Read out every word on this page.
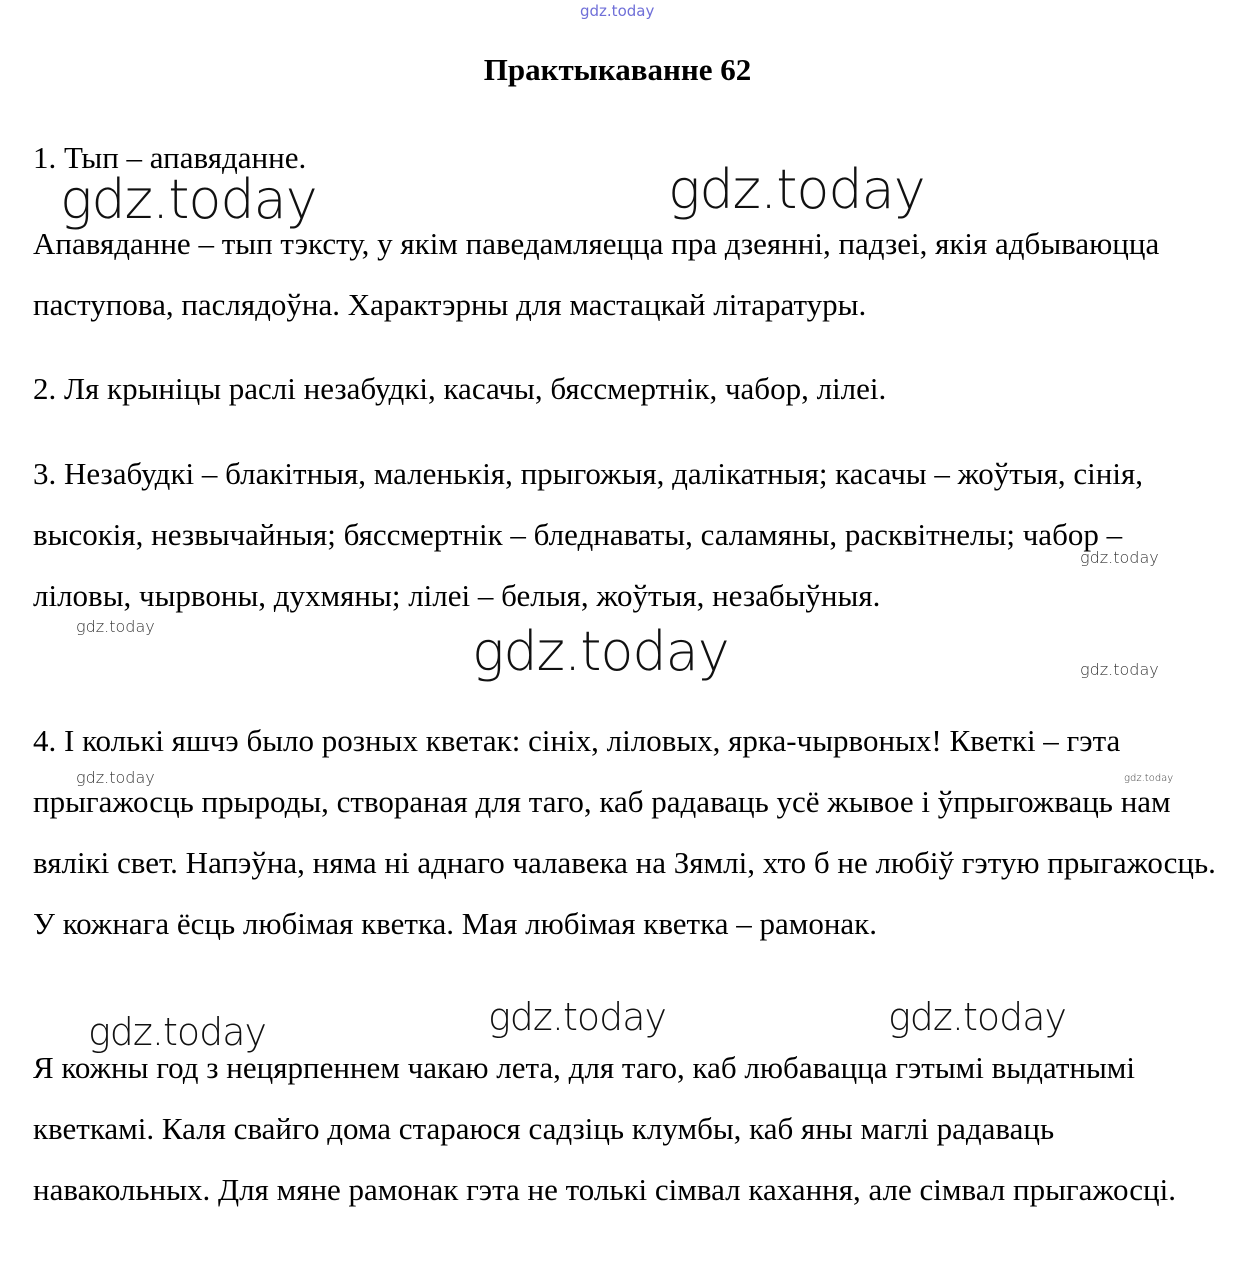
gdz.today
Практыкаванне 62
1. Тып – апавяданне.
Апавяданне – тып тэксту, у якім паведамляецца пра дзеянні, падзеі, якія адбываюцца паступова, паслядоўна. Характэрны для мастацкай літаратуры.
2. Ля крыніцы раслі незабудкі, касачы, бяссмертнік, чабор, лілеі.
3. Незабудкі – блакітныя, маленькія, прыгожыя, далікатныя; касачы – жоўтыя, сінія, высокія, незвычайныя; бяссмертнік – бледнаваты, саламяны, расквітнелы; чабор – ліловы, чырвоны, духмяны; лілеі – белыя, жоўтыя, незабыўныя.
4. І колькі яшчэ было розных кветак: сініх, ліловых, ярка-чырвоных! Кветкі – гэта прыгажосць прыроды, створаная для таго, каб радаваць усё жывое і ўпрыгожваць нам вялікі свет. Напэўна, няма ні аднаго чалавека на Зямлі, хто б не любіў гэтую прыгажосць. У кожнага ёсць любімая кветка. Мая любімая кветка – рамонак.
Я кожны год з нецярпеннем чакаю лета, для таго, каб любавацца гэтымі выдатнымі кветкамі. Каля свайго дома стараюся садзіць клумбы, каб яны маглі радаваць навакольных. Для мяне рамонак гэта не толькі сімвал кахання, але сімвал прыгажосці.
gdz.today	gdz.today
gdz.today
gdz.today	gdz.today	gdz.today
gdz.today	gdz.today
gdz.today	gdz.today	gdz.today
